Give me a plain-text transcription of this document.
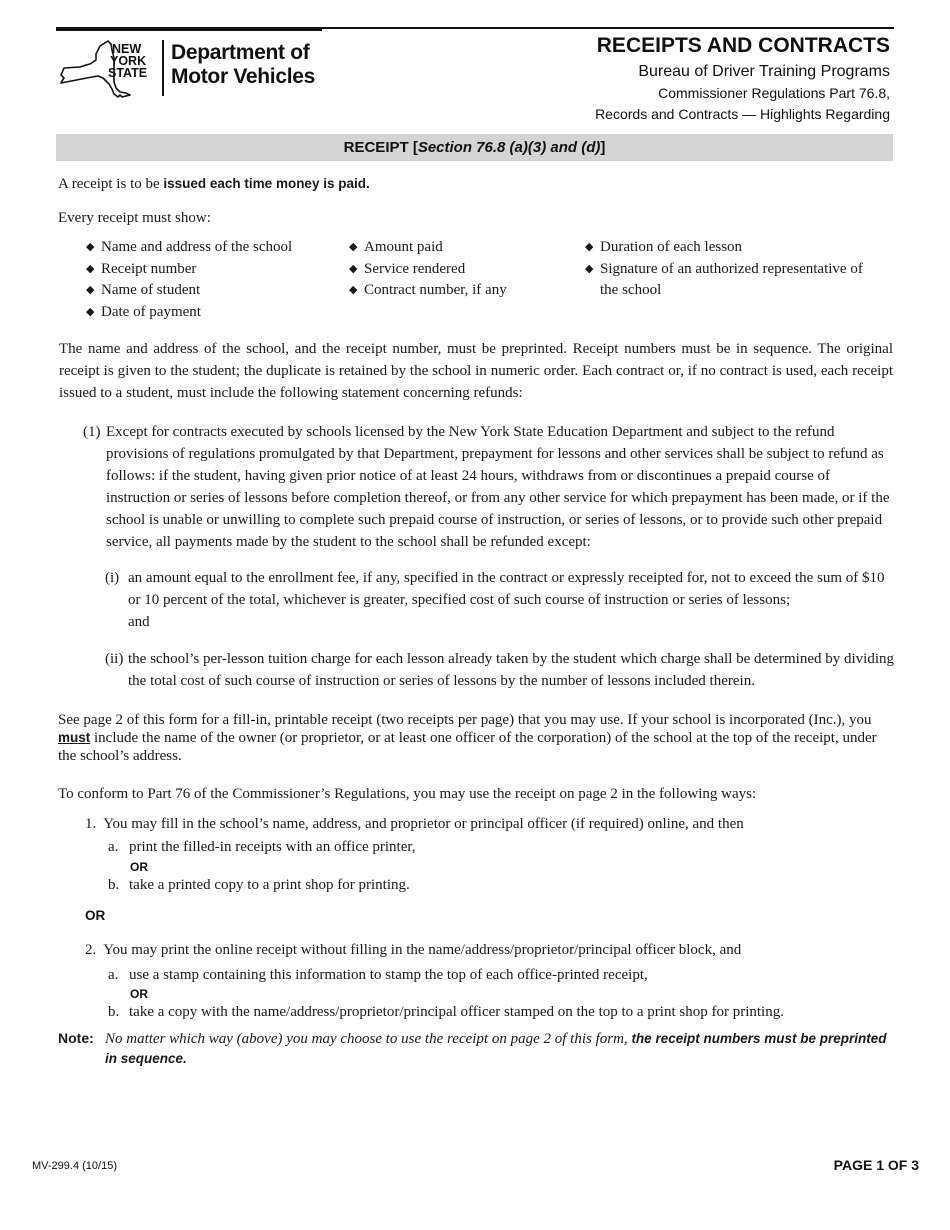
NEW
YORK
STATE
Department of
Motor Vehicles
RECEIPTS AND CONTRACTS
Bureau of Driver Training Programs
Commissioner Regulations Part 76.8,
Records and Contracts — Highlights Regarding
RECEIPT [Section 76.8 (a)(3) and (d)]
A receipt is to be issued each time money is paid.
Every receipt must show:
◆ Name and address of the school
◆ Receipt number
◆ Name of student
◆ Date of payment
◆ Amount paid
◆ Service rendered
◆ Contract number, if any
◆ Duration of each lesson
◆ Signature of an authorized representative of
the school
The name and address of the school, and the receipt number, must be preprinted. Receipt numbers must be in sequence. The original receipt is given to the student; the duplicate is retained by the school in numeric order. Each contract or, if no contract is used, each receipt issued to a student, must include the following statement concerning refunds:
(1) Except for contracts executed by schools licensed by the New York State Education Department and subject to the refund provisions of regulations promulgated by that Department, prepayment for lessons and other services shall be subject to refund as follows: if the student, having given prior notice of at least 24 hours, withdraws from or discontinues a prepaid course of instruction or series of lessons before completion thereof, or from any other service for which prepayment has been made, or if the school is unable or unwilling to complete such prepaid course of instruction, or series of lessons, or to provide such other prepaid service, all payments made by the student to the school shall be refunded except:
(i) an amount equal to the enrollment fee, if any, specified in the contract or expressly receipted for, not to exceed the sum of $10 or 10 percent of the total, whichever is greater, specified cost of such course of instruction or series of lessons;
and
(ii) the school’s per-lesson tuition charge for each lesson already taken by the student which charge shall be determined by dividing the total cost of such course of instruction or series of lessons by the number of lessons included therein.
See page 2 of this form for a fill-in, printable receipt (two receipts per page) that you may use. If your school is incorporated (Inc.), you must include the name of the owner (or proprietor, or at least one officer of the corporation) of the school at the top of the receipt, under the school’s address.
To conform to Part 76 of the Commissioner’s Regulations, you may use the receipt on page 2 in the following ways:
1. You may fill in the school’s name, address, and proprietor or principal officer (if required) online, and then
a. print the filled-in receipts with an office printer,
OR
b. take a printed copy to a print shop for printing.
OR
2. You may print the online receipt without filling in the name/address/proprietor/principal officer block, and
a. use a stamp containing this information to stamp the top of each office-printed receipt,
OR
b. take a copy with the name/address/proprietor/principal officer stamped on the top to a print shop for printing.
Note: No matter which way (above) you may choose to use the receipt on page 2 of this form, the receipt numbers must be preprinted in sequence.
MV-299.4 (10/15)	PAGE 1 OF 3
